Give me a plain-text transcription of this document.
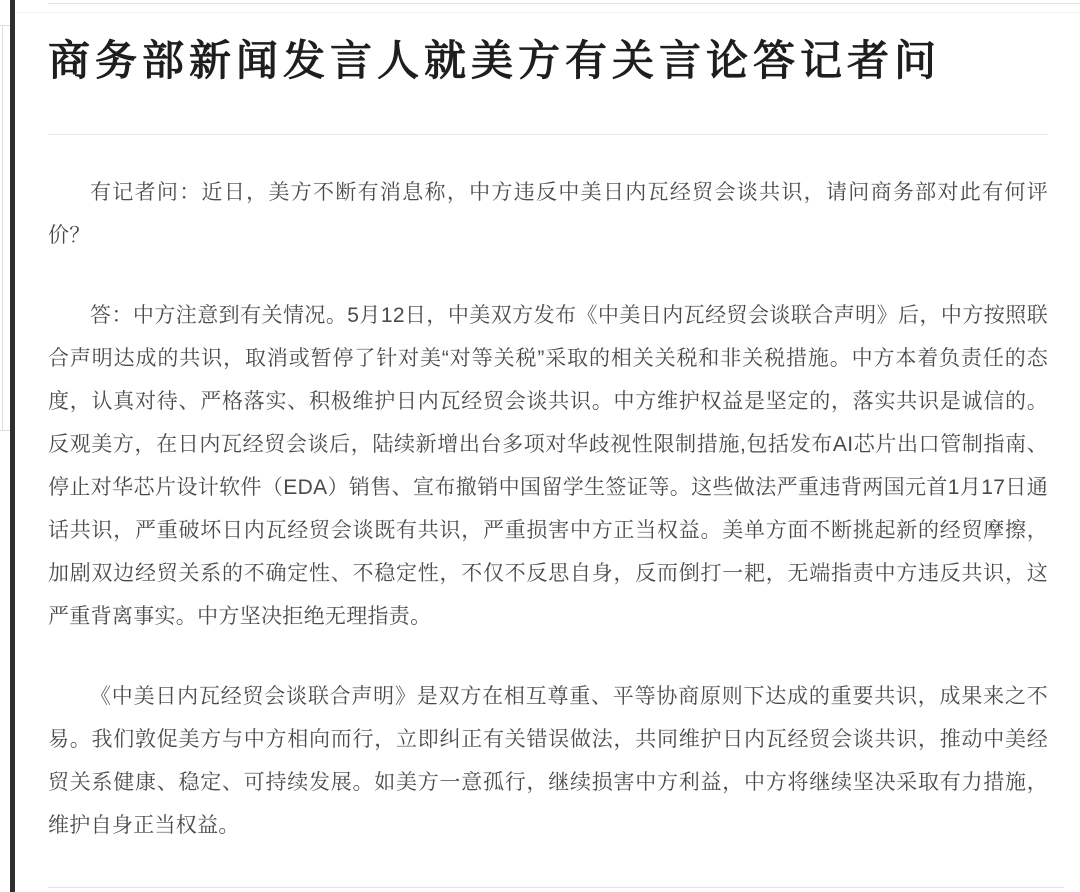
商务部新闻发言人就美方有关言论答记者问

有记者问：近日，美方不断有消息称，中方违反中美日内瓦经贸会谈共识，请问商务部对此有何评价？

答：中方注意到有关情况。5月12日，中美双方发布《中美日内瓦经贸会谈联合声明》后，中方按照联合声明达成的共识，取消或暂停了针对美“对等关税”采取的相关关税和非关税措施。中方本着负责任的态度，认真对待、严格落实、积极维护日内瓦经贸会谈共识。中方维护权益是坚定的，落实共识是诚信的。反观美方，在日内瓦经贸会谈后，陆续新增出台多项对华歧视性限制措施,包括发布AI芯片出口管制指南、停止对华芯片设计软件（EDA）销售、宣布撤销中国留学生签证等。这些做法严重违背两国元首1月17日通话共识，严重破坏日内瓦经贸会谈既有共识，严重损害中方正当权益。美单方面不断挑起新的经贸摩擦，加剧双边经贸关系的不确定性、不稳定性，不仅不反思自身，反而倒打一耙，无端指责中方违反共识，这严重背离事实。中方坚决拒绝无理指责。

《中美日内瓦经贸会谈联合声明》是双方在相互尊重、平等协商原则下达成的重要共识，成果来之不易。我们敦促美方与中方相向而行，立即纠正有关错误做法，共同维护日内瓦经贸会谈共识，推动中美经贸关系健康、稳定、可持续发展。如美方一意孤行，继续损害中方利益，中方将继续坚决采取有力措施，维护自身正当权益。
